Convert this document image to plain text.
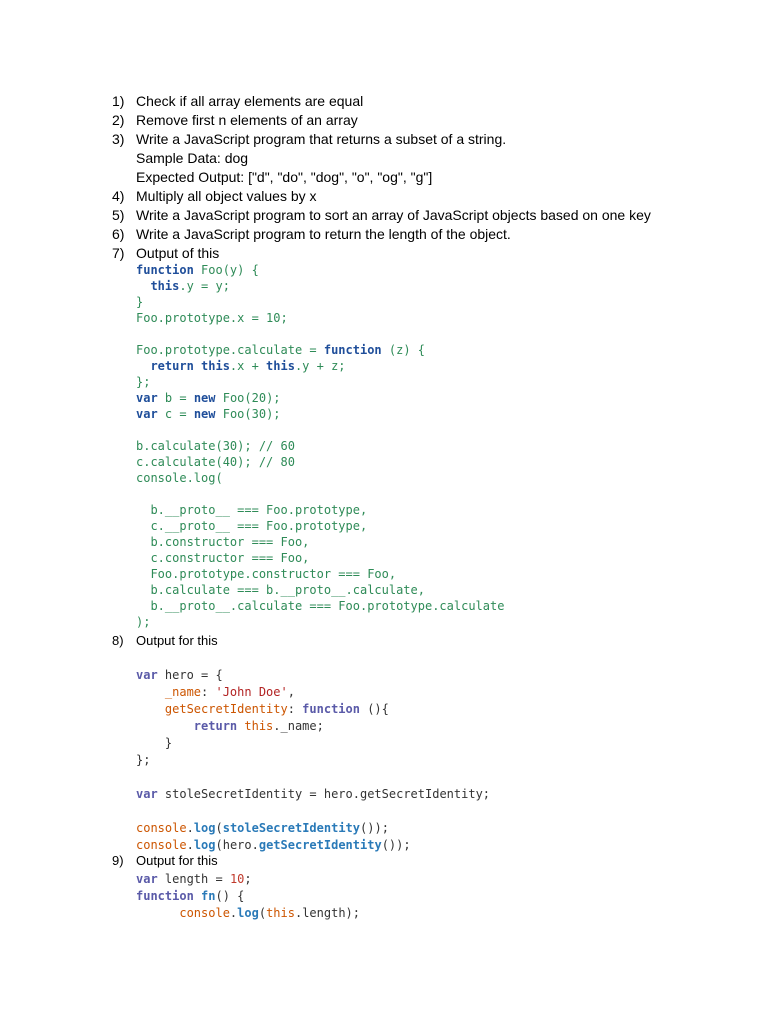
1) Check if all array elements are equal
2) Remove first n elements of an array
3) Write a JavaScript program that returns a subset of a string.
Sample Data: dog
Expected Output: ["d", "do", "dog", "o", "og", "g"]
4) Multiply all object values by x
5) Write a JavaScript program to sort an array of JavaScript objects based on one key
6) Write a JavaScript program to return the length of the object.
7) Output of this
function Foo(y) {
this.y = y;
}
Foo.prototype.x = 10;
Foo.prototype.calculate = function (z) {
return this.x + this.y + z;
};
var b = new Foo(20);
var c = new Foo(30);
b.calculate(30); // 60
c.calculate(40); // 80
console.log(
b.__proto__ === Foo.prototype,
c.__proto__ === Foo.prototype,
b.constructor === Foo,
c.constructor === Foo,
Foo.prototype.constructor === Foo,
b.calculate === b.__proto__.calculate,
b.__proto__.calculate === Foo.prototype.calculate
);
8) Output for this
var hero = {
_name: 'John Doe',
getSecretIdentity: function (){
return this._name;
}
};
var stoleSecretIdentity = hero.getSecretIdentity;
console.log(stoleSecretIdentity());
console.log(hero.getSecretIdentity());
9) Output for this
var length = 10;
function fn() {
console.log(this.length);
